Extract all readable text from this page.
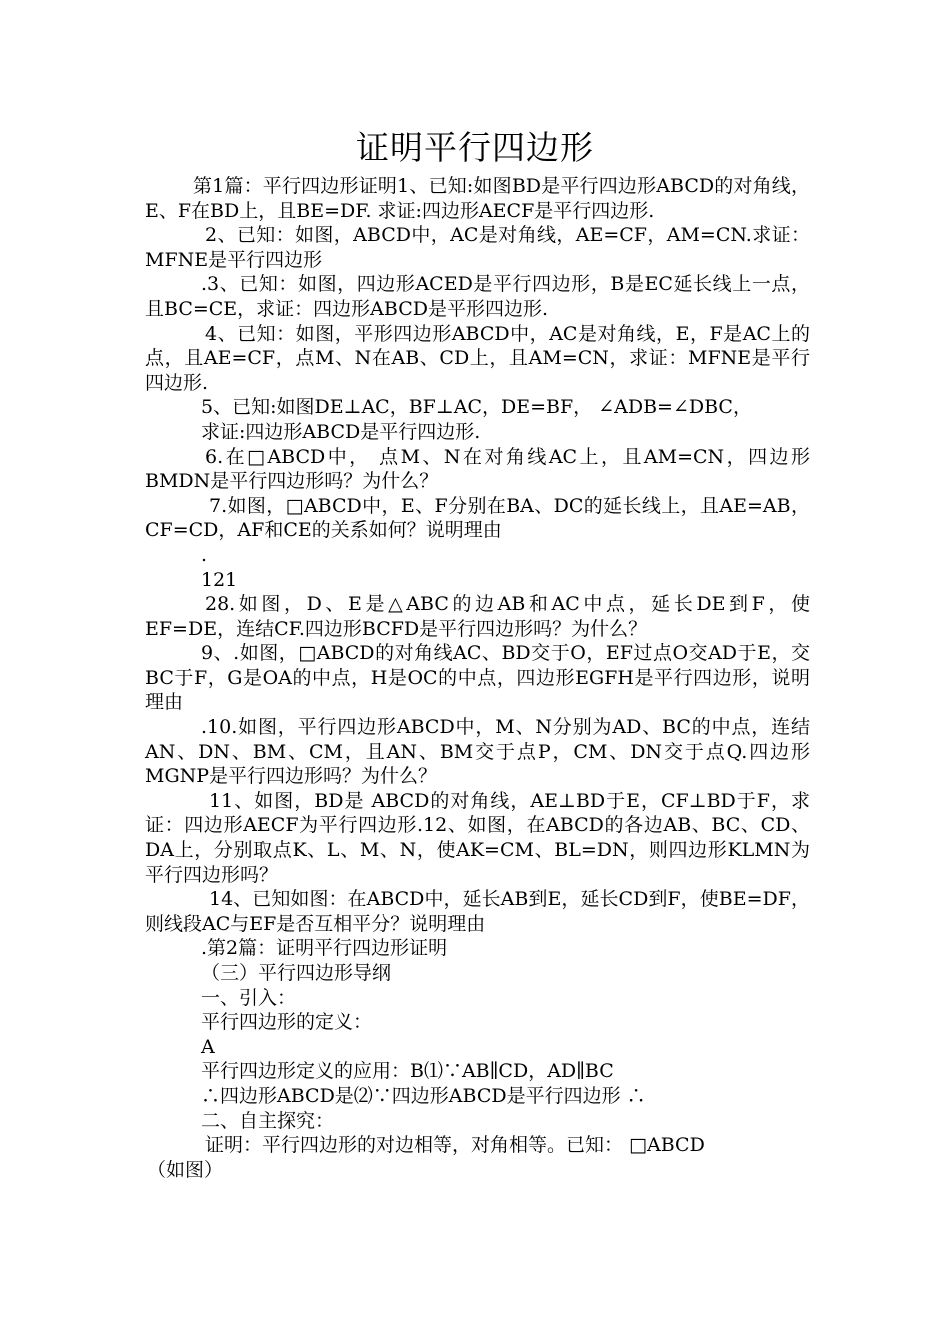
证明平行四边形

第1篇：平行四边形证明1、已知:如图BD是平行四边形ABCD的对角线，E、F在BD上，且BE=DF. 求证:四边形AECF是平行四边形.

2、已知：如图，ABCD中，AC是对角线，AE=CF，AM=CN.求证：MFNE是平行四边形

.3、已知：如图，四边形ACED是平行四边形，B是EC延长线上一点，且BC=CE，求证：四边形ABCD是平形四边形.

4、已知：如图，平形四边形ABCD中，AC是对角线，E，F是AC上的点，且AE=CF，点M、N在AB、CD上，且AM=CN，求证：MFNE是平行四边形.

5、已知:如图DE⊥AC，BF⊥AC，DE=BF， ∠ADB=∠DBC，

求证:四边形ABCD是平行四边形.

6.在□ABCD中， 点M、N在对角线AC上，且AM=CN，四边形BMDN是平行四边形吗？为什么？

7.如图，□ABCD中，E、F分别在BA、DC的延长线上，且AE=AB，CF=CD，AF和CE的关系如何？说明理由

.

121

28.如图，D、E是△ABC的边AB和AC中点，延长DE到F，使EF=DE，连结CF.四边形BCFD是平行四边形吗？为什么？

9、.如图，□ABCD的对角线AC、BD交于O，EF过点O交AD于E，交BC于F，G是OA的中点，H是OC的中点，四边形EGFH是平行四边形，说明理由

.10.如图，平行四边形ABCD中，M、N分别为AD、BC的中点，连结AN、DN、BM、CM，且AN、BM交于点P，CM、DN交于点Q.四边形MGNP是平行四边形吗？为什么？

11、如图，BD是 ABCD的对角线，AE⊥BD于E，CF⊥BD于F，求证：四边形AECF为平行四边形.12、如图，在ABCD的各边AB、BC、CD、DA上，分别取点K、L、M、N，使AK=CM、BL=DN，则四边形KLMN为平行四边形吗？

14、已知如图：在ABCD中，延长AB到E，延长CD到F，使BE=DF，则线段AC与EF是否互相平分？说明理由

.第2篇：证明平行四边形证明

（三）平行四边形导纲

一、引入：

平行四边形的定义：

A

平行四边形定义的应用：B⑴∵AB∥CD，AD∥BC

∴四边形ABCD是⑵∵四边形ABCD是平行四边形 ∴

二、自主探究：

证明：平行四边形的对边相等，对角相等。已知： □ABCD

（如图）
